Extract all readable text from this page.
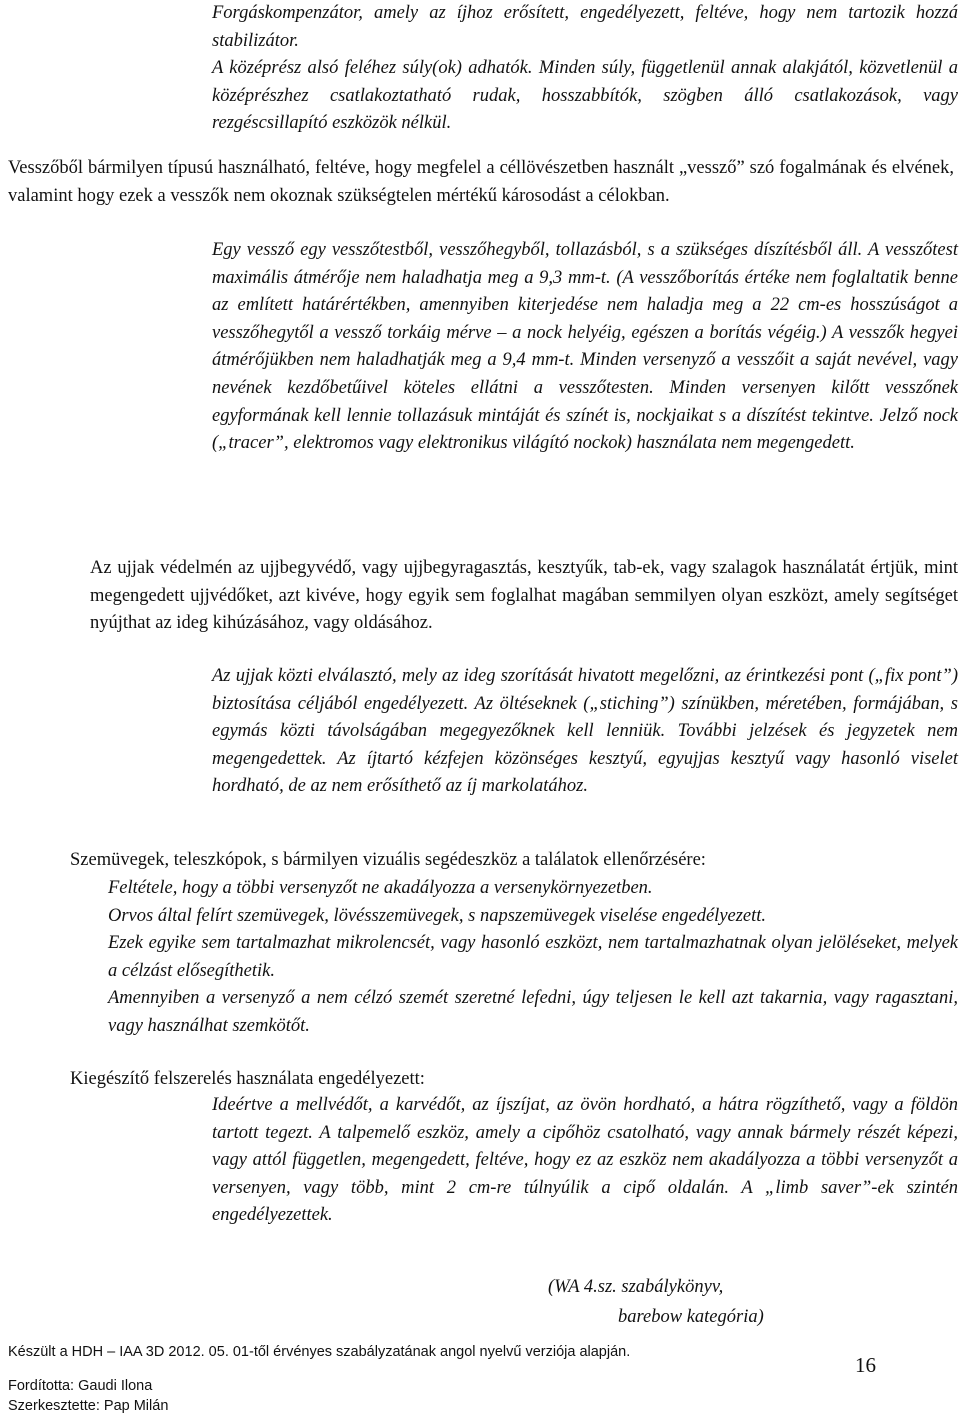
Forgáskompenzátor, amely az íjhoz erősített, engedélyezett, feltéve, hogy nem tartozik hozzá stabilizátor.

A középrész alsó feléhez súly(ok) adhatók. Minden súly, függetlenül annak alakjától, közvetlenül a középrészhez csatlakoztatható rudak, hosszabbítók, szögben álló csatlakozások, vagy rezgéscsillapító eszközök nélkül.

Vesszőből bármilyen típusú használható, feltéve, hogy megfelel a céllövészetben használt „vessző” szó fogalmának és elvének, valamint hogy ezek a vesszők nem okoznak szükségtelen mértékű károsodást a célokban.
Egy vessző egy vesszőtestből, vesszőhegyből, tollazásból, s a szükséges díszítésből áll. A vesszőtest maximális átmérője nem haladhatja meg a 9,3 mm-t. (A vesszőborítás értéke nem foglaltatik benne az említett határértékben, amennyiben kiterjedése nem haladja meg a 22 cm-es hosszúságot a vesszőhegytől a vessző torkáig mérve – a nock helyéig, egészen a borítás végéig.) A vesszők hegyei átmérőjükben nem haladhatják meg a 9,4 mm-t. Minden versenyző a vesszőit a saját nevével, vagy nevének kezdőbetűivel köteles ellátni a vesszőtesten. Minden versenyen kilőtt vesszőnek egyformának kell lennie tollazásuk mintáját és színét is, nockjaikat s a díszítést tekintve. Jelző nock („tracer”, elektromos vagy elektronikus világító nockok) használata nem megengedett.
Az ujjak védelmén az ujjbegyvédő, vagy ujjbegyragasztás, kesztyűk, tab-ek, vagy szalagok használatát értjük, mint megengedett ujjvédőket, azt kivéve, hogy egyik sem foglalhat magában semmilyen olyan eszközt, amely segítséget nyújthat az ideg kihúzásához, vagy oldásához.
Az ujjak közti elválasztó, mely az ideg szorítását hivatott megelőzni, az érintkezési pont („fix pont”) biztosítása céljából engedélyezett. Az öltéseknek („stiching”) színükben, méretében, formájában, s egymás közti távolságában megegyezőknek kell lenniük. További jelzések és jegyzetek nem megengedettek. Az íjtartó kézfejen közönséges kesztyű, egyujjas kesztyű vagy hasonló viselet hordható, de az nem erősíthető az íj markolatához.
Szemüvegek, teleszkópok, s bármilyen vizuális segédeszköz a találatok ellenőrzésére:

Feltétele, hogy a többi versenyzőt ne akadályozza a versenykörnyezetben.

Orvos által felírt szemüvegek, lövésszemüvegek, s napszemüvegek viselése engedélyezett.

Ezek egyike sem tartalmazhat mikrolencsét, vagy hasonló eszközt, nem tartalmazhatnak olyan jelöléseket, melyek a célzást elősegíthetik.

Amennyiben a versenyző a nem célzó szemét szeretné lefedni, úgy teljesen le kell azt takarnia, vagy ragasztani, vagy használhat szemkötőt.

Kiegészítő felszerelés használata engedélyezett:
Ideértve a mellvédőt, a karvédőt, az íjszíjat, az övön hordható, a hátra rögzíthető, vagy a földön tartott tegezt. A talpemelő eszköz, amely a cipőhöz csatolható, vagy annak bármely részét képezi, vagy attól független, megengedett, feltéve, hogy ez az eszköz nem akadályozza a többi versenyzőt a versenyen, vagy több, mint 2 cm-re túlnyúlik a cipő oldalán. A „limb saver”-ek szintén engedélyezettek.
(WA 4.sz. szabálykönyv,
barebow kategória)
Készült a HDH – IAA 3D 2012. 05. 01-től érvényes szabályzatának angol nyelvű verziója alapján.
16
Fordította: Gaudi Ilona
Szerkesztette: Pap Milán
